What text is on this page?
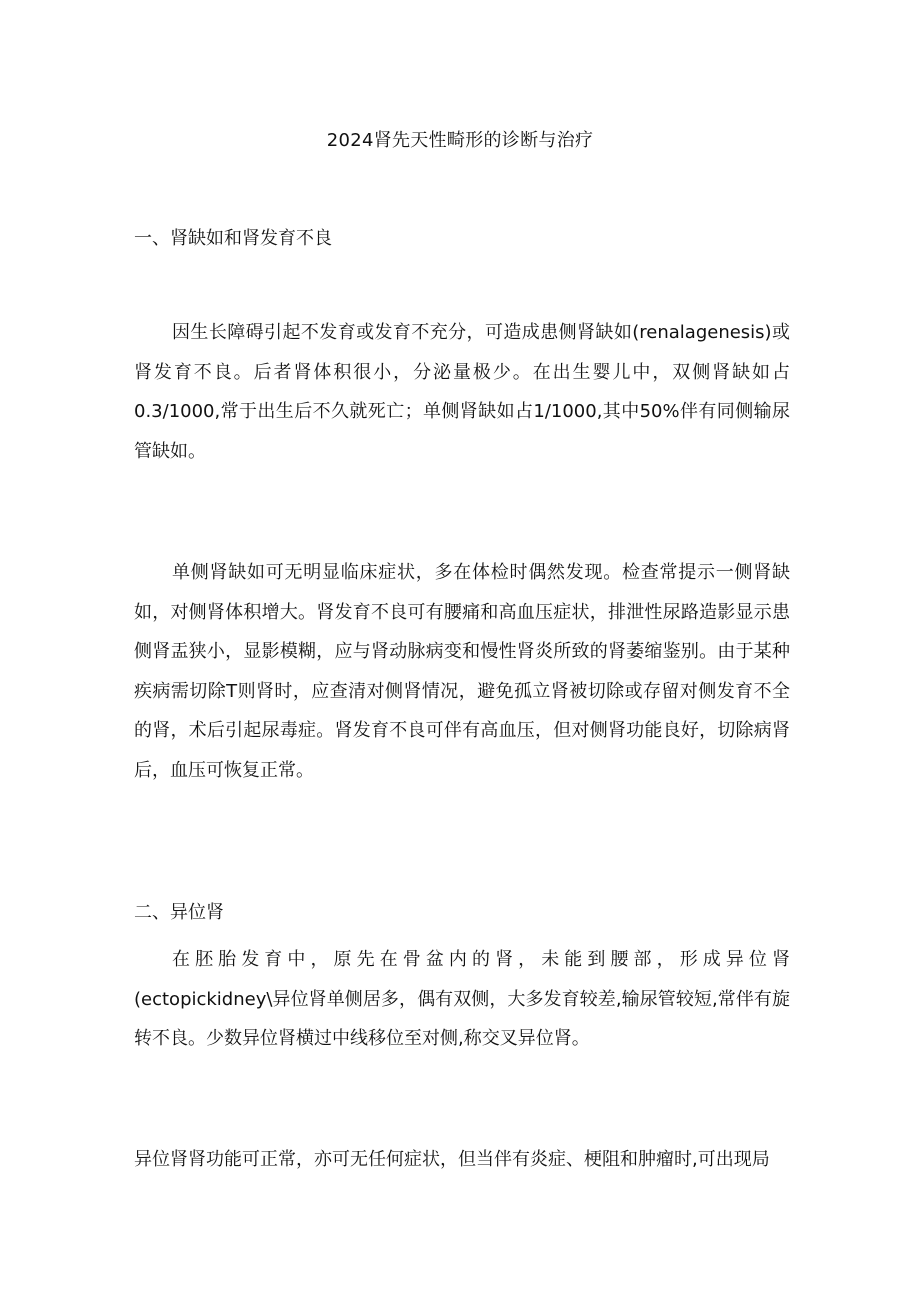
2024肾先天性畸形的诊断与治疗
一、肾缺如和肾发育不良

因生长障碍引起不发育或发育不充分，可造成患侧肾缺如(renalagenesis)或肾发育不良。后者肾体积很小，分泌量极少。在出生婴儿中，双侧肾缺如占0.3/1000,常于出生后不久就死亡；单侧肾缺如占1/1000,其中50%伴有同侧输尿管缺如。

单侧肾缺如可无明显临床症状，多在体检时偶然发现。检查常提示一侧肾缺如，对侧肾体积增大。肾发育不良可有腰痛和高血压症状，排泄性尿路造影显示患侧肾盂狭小，显影模糊，应与肾动脉病变和慢性肾炎所致的肾萎缩鉴别。由于某种疾病需切除T则肾时，应查清对侧肾情况，避免孤立肾被切除或存留对侧发育不全的肾，术后引起尿毒症。肾发育不良可伴有高血压，但对侧肾功能良好，切除病肾后，血压可恢复正常。

二、异位肾

在胚胎发育中，原先在骨盆内的肾，未能到腰部，形成异位肾(ectopickidney\异位肾单侧居多，偶有双侧，大多发育较差,输尿管较短,常伴有旋转不良。少数异位肾横过中线移位至对侧,称交叉异位肾。

异位肾肾功能可正常，亦可无任何症状，但当伴有炎症、梗阻和肿瘤时,可出现局
